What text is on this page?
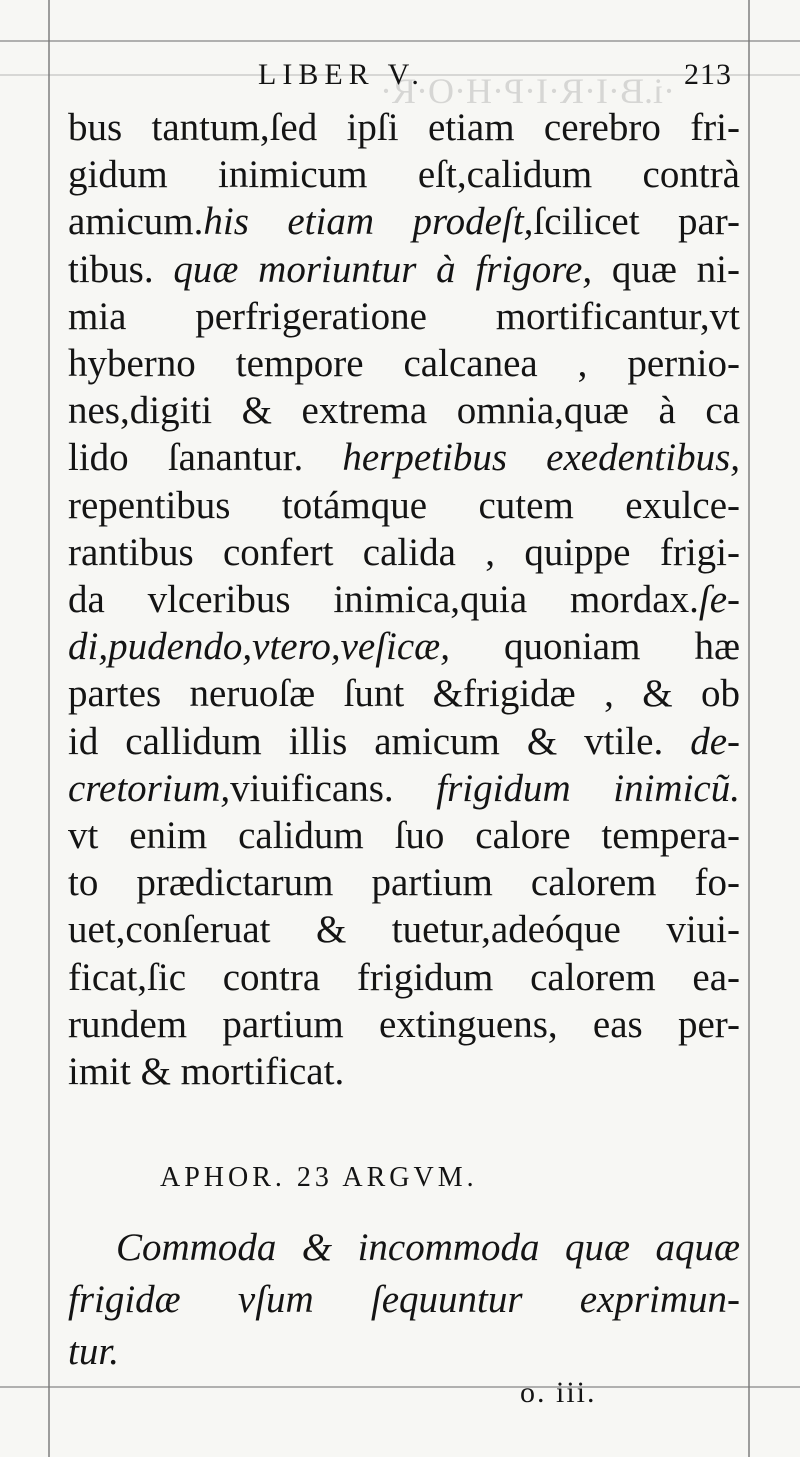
·i.B·I·R·I·P·H·O·R·
LIBER V.	213
bus tantum,ſed ipſi etiam cerebro fri-
gidum inimicum eſt,calidum contrà
amicum.his etiam prodeſt,ſcilicet par-
tibus. quæ moriuntur à frigore, quæ ni-
mia perfrigeratione mortificantur,vt
hyberno tempore calcanea , pernio-
nes,digiti & extrema omnia,quæ à ca
lido ſanantur. herpetibus exedentibus,
repentibus totámque cutem exulce-
rantibus confert calida , quippe frigi-
da vlceribus inimica,quia mordax.ſe-
di,pudendo,vtero,veſicæ, quoniam hæ
partes neruoſæ ſunt &frigidæ , & ob
id callidum illis amicum & vtile. de-
cretorium,viuificans. frigidum inimicũ.
vt enim calidum ſuo calore tempera-
to prædictarum partium calorem fo-
uet,conſeruat & tuetur,adeóque viui-
ficat,ſic contra frigidum calorem ea-
rundem partium extinguens, eas per-
imit & mortificat.
APHOR. 23 ARGVM.
Commoda & incommoda quæ aquæ
frigidæ vſum ſequuntur exprimun-
tur.
o. iii.
